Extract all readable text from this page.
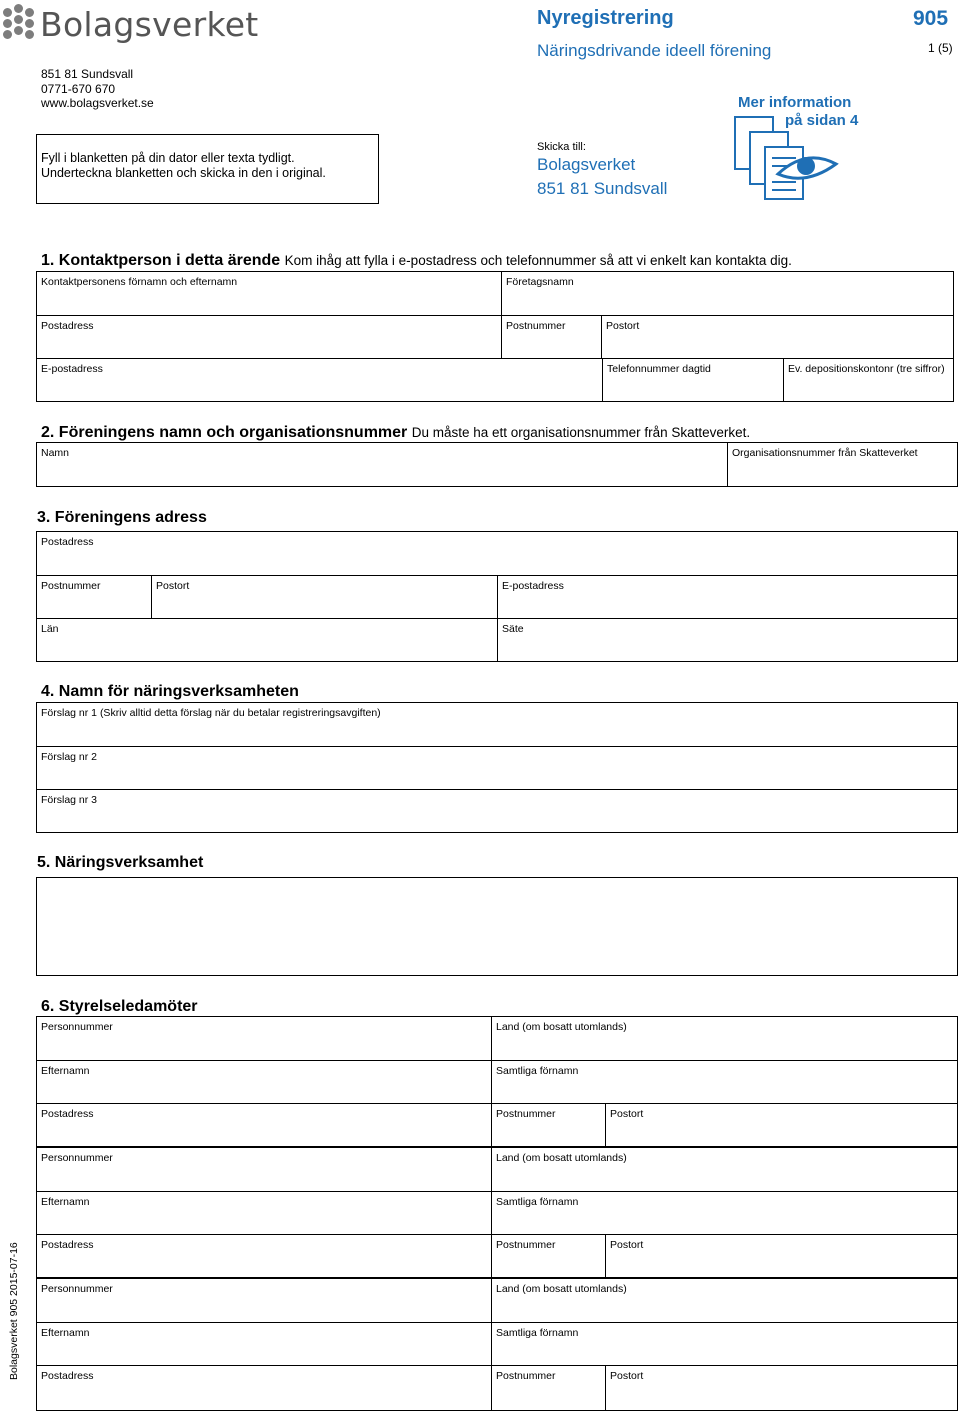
Bolagsverket
851 81 Sundsvall
0771-670 670
www.bolagsverket.se
Fyll i blanketten på din dator eller texta tydligt.
Underteckna blanketten och skicka in den i original.
Nyregistrering
Näringsdrivande ideell förening
905
1 (5)
Skicka till:
Bolagsverket
851 81 Sundsvall
Mer information
på sidan 4
1. Kontaktperson i detta ärende Kom ihåg att fylla i e-postadress och telefonnummer så att vi enkelt kan kontakta dig.
Kontaktpersonens förnamn och efternamn	Företagsnamn
Postadress	Postnummer	Postort
E-postadress	Telefonnummer dagtid	Ev. depositionskontonr (tre siffror)
2. Föreningens namn och organisationsnummer Du måste ha ett organisationsnummer från Skatteverket.
Namn	Organisationsnummer från Skatteverket
3. Föreningens adress
Postadress
Postnummer	Postort	E-postadress
Län	Säte
4. Namn för näringsverksamheten
Förslag nr 1 (Skriv alltid detta förslag när du betalar registreringsavgiften)
Förslag nr 2
Förslag nr 3
5. Näringsverksamhet
6. Styrelseledamöter
Personnummer	Land (om bosatt utomlands)
Efternamn	Samtliga förnamn
Postadress	Postnummer	Postort
Personnummer	Land (om bosatt utomlands)
Efternamn	Samtliga förnamn
Postadress	Postnummer	Postort
Personnummer	Land (om bosatt utomlands)
Efternamn	Samtliga förnamn
Postadress	Postnummer	Postort
Bolagsverket 905 2015-07-16
